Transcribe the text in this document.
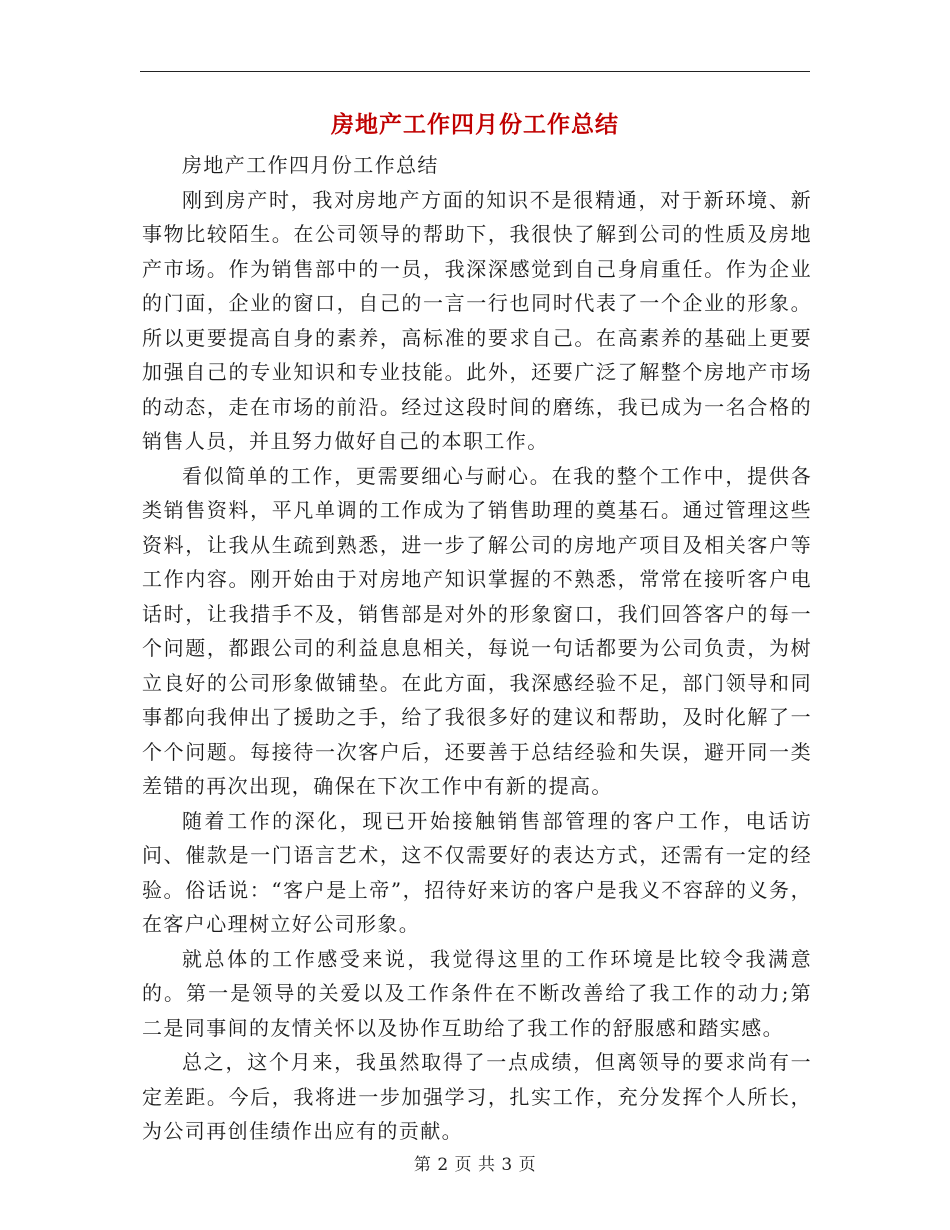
房地产工作四月份工作总结

房地产工作四月份工作总结

刚到房产时，我对房地产方面的知识不是很精通，对于新环境、新事物比较陌生。在公司领导的帮助下，我很快了解到公司的性质及房地产市场。作为销售部中的一员，我深深感觉到自己身肩重任。作为企业的门面，企业的窗口，自己的一言一行也同时代表了一个企业的形象。所以更要提高自身的素养，高标准的要求自己。在高素养的基础上更要加强自己的专业知识和专业技能。此外，还要广泛了解整个房地产市场的动态，走在市场的前沿。经过这段时间的磨练，我已成为一名合格的销售人员，并且努力做好自己的本职工作。

看似简单的工作，更需要细心与耐心。在我的整个工作中，提供各类销售资料，平凡单调的工作成为了销售助理的奠基石。通过管理这些资料，让我从生疏到熟悉，进一步了解公司的房地产项目及相关客户等工作内容。刚开始由于对房地产知识掌握的不熟悉，常常在接听客户电话时，让我措手不及，销售部是对外的形象窗口，我们回答客户的每一个问题，都跟公司的利益息息相关，每说一句话都要为公司负责，为树立良好的公司形象做铺垫。在此方面，我深感经验不足，部门领导和同事都向我伸出了援助之手，给了我很多好的建议和帮助，及时化解了一个个问题。每接待一次客户后，还要善于总结经验和失误，避开同一类差错的再次出现，确保在下次工作中有新的提高。

随着工作的深化，现已开始接触销售部管理的客户工作，电话访问、催款是一门语言艺术，这不仅需要好的表达方式，还需有一定的经验。俗话说：“客户是上帝”，招待好来访的客户是我义不容辞的义务，在客户心理树立好公司形象。

就总体的工作感受来说，我觉得这里的工作环境是比较令我满意的。第一是领导的关爱以及工作条件在不断改善给了我工作的动力;第二是同事间的友情关怀以及协作互助给了我工作的舒服感和踏实感。

总之，这个月来，我虽然取得了一点成绩，但离领导的要求尚有一定差距。今后，我将进一步加强学习，扎实工作，充分发挥个人所长，为公司再创佳绩作出应有的贡献。

第 2 页 共 3 页
